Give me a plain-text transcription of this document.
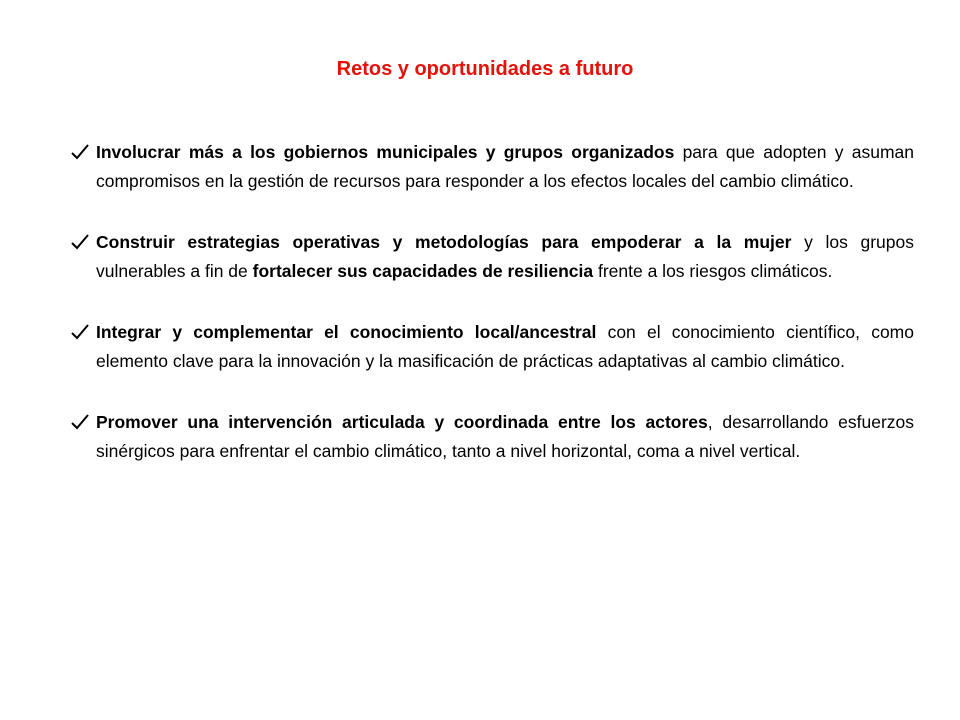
Retos y oportunidades a futuro
Involucrar más a los gobiernos municipales y grupos organizados para que adopten y asuman compromisos en la gestión de recursos para responder a los efectos locales del cambio climático.
Construir estrategias operativas y metodologías para empoderar a la mujer y los grupos vulnerables a fin de fortalecer sus capacidades de resiliencia frente a los riesgos climáticos.
Integrar y complementar el conocimiento local/ancestral con el conocimiento científico, como elemento clave para la innovación y la masificación de prácticas adaptativas al cambio climático.
Promover una intervención articulada y coordinada entre los actores, desarrollando esfuerzos sinérgicos para enfrentar el cambio climático, tanto a nivel horizontal, coma a nivel vertical.
